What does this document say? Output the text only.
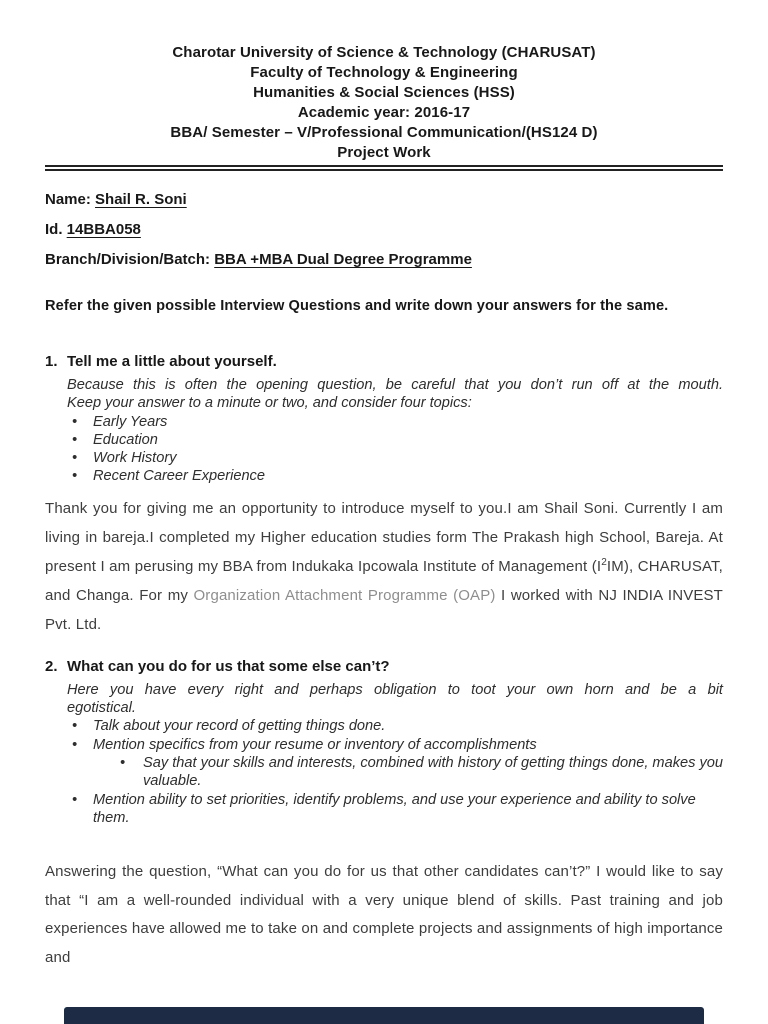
Charotar University of Science & Technology (CHARUSAT)
Faculty of Technology & Engineering
Humanities & Social Sciences (HSS)
Academic year: 2016-17
BBA/ Semester – V/Professional Communication/(HS124 D)
Project Work
Name: Shail R. Soni
Id. 14BBA058
Branch/Division/Batch: BBA +MBA Dual Degree Programme
Refer the given possible Interview Questions and write down your answers for the same.
1. Tell me a little about yourself.
Because this is often the opening question, be careful that you don’t run off at the mouth.
Keep your answer to a minute or two, and consider four topics:
• Early Years
• Education
• Work History
• Recent Career Experience
Thank you for giving me an opportunity to introduce myself to you.I am Shail Soni. Currently I am living in bareja.I completed my Higher education studies form The Prakash high School, Bareja. At present I am perusing my BBA from Indukaka Ipcowala Institute of Management $(I^2IM)$, CHARUSAT, and Changa. For my Organization Attachment Programme (OAP) I worked with NJ INDIA INVEST Pvt. Ltd.
2. What can you do for us that some else can’t?
Here you have every right and perhaps obligation to toot your own horn and be a bit
egotistical.
• Talk about your record of getting things done.
• Mention specifics from your resume or inventory of accomplishments
• Say that your skills and interests, combined with history of getting things done, makes you valuable.
• Mention ability to set priorities, identify problems, and use your experience and ability to solve them.
Answering the question, “What can you do for us that other candidates can’t?” I would like to say that “I am a well-rounded individual with a very unique blend of skills. Past training and job experiences have allowed me to take on and complete projects and assignments of high importance and
